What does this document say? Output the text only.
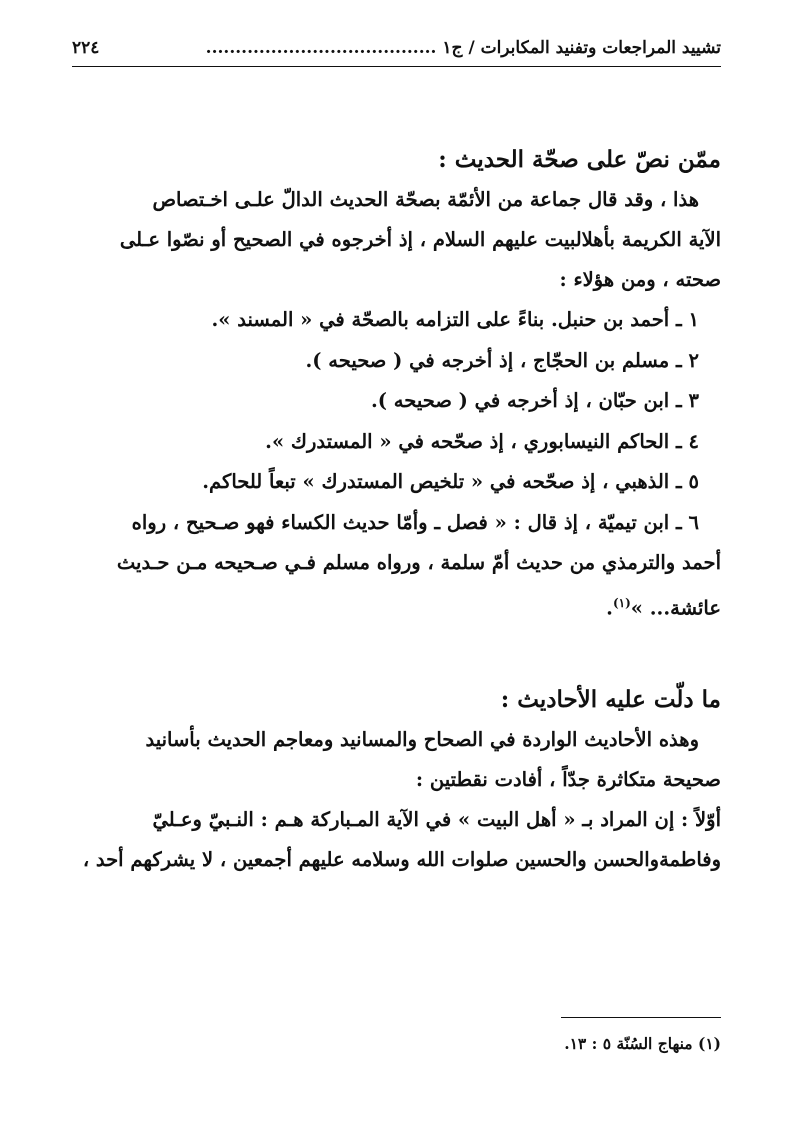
تشييد المراجعات وتفنيد المكابرات / ج١ .......................................
٢٢٤

ممّن نصّ على صحّة الحديث :

هذا ، وقد قال جماعة من الأئمّة بصحّة الحديث الدالّ علـى اخـتصاص

الآية الكريمة بأهلالبيت عليهم السلام ، إذ أخرجوه في الصحيح أو نصّوا عـلى

صحته ، ومن هؤلاء :

١ ـ أحمد بن حنبل. بناءً على التزامه بالصحّة في « المسند ».

٢ ـ مسلم بن الحجّاج ، إذ أخرجه في ( صحيحه ).

٣ ـ ابن حبّان ، إذ أخرجه في ( صحيحه ).

٤ ـ الحاكم النيسابوري ، إذ صحّحه في « المستدرك ».

٥ ـ الذهبي ، إذ صحّحه في « تلخيص المستدرك » تبعاً للحاكم.

٦ ـ ابن تيميّة ، إذ قال : « فصل ـ وأمّا حديث الكساء فهو صـحيح ، رواه

أحمد والترمذي من حديث أمّ سلمة ، ورواه مسلم فـي صـحيحه مـن حـديث

عائشة... »$^{(١)}$.

ما دلّت عليه الأحاديث :

وهذه الأحاديث الواردة في الصحاح والمسانيد ومعاجم الحديث بأسانيد

صحيحة متكاثرة جدّاً ، أفادت نقطتين :

أوّلاً : إن المراد بـ « أهل البيت » في الآية المـباركة هـم : النـبيّ وعـليّ

وفاطمةوالحسن والحسين صلوات الله وسلامه عليهم أجمعين ، لا يشركهم أحد ،

(١) منهاج السُنّة ٥ : ١٣.
